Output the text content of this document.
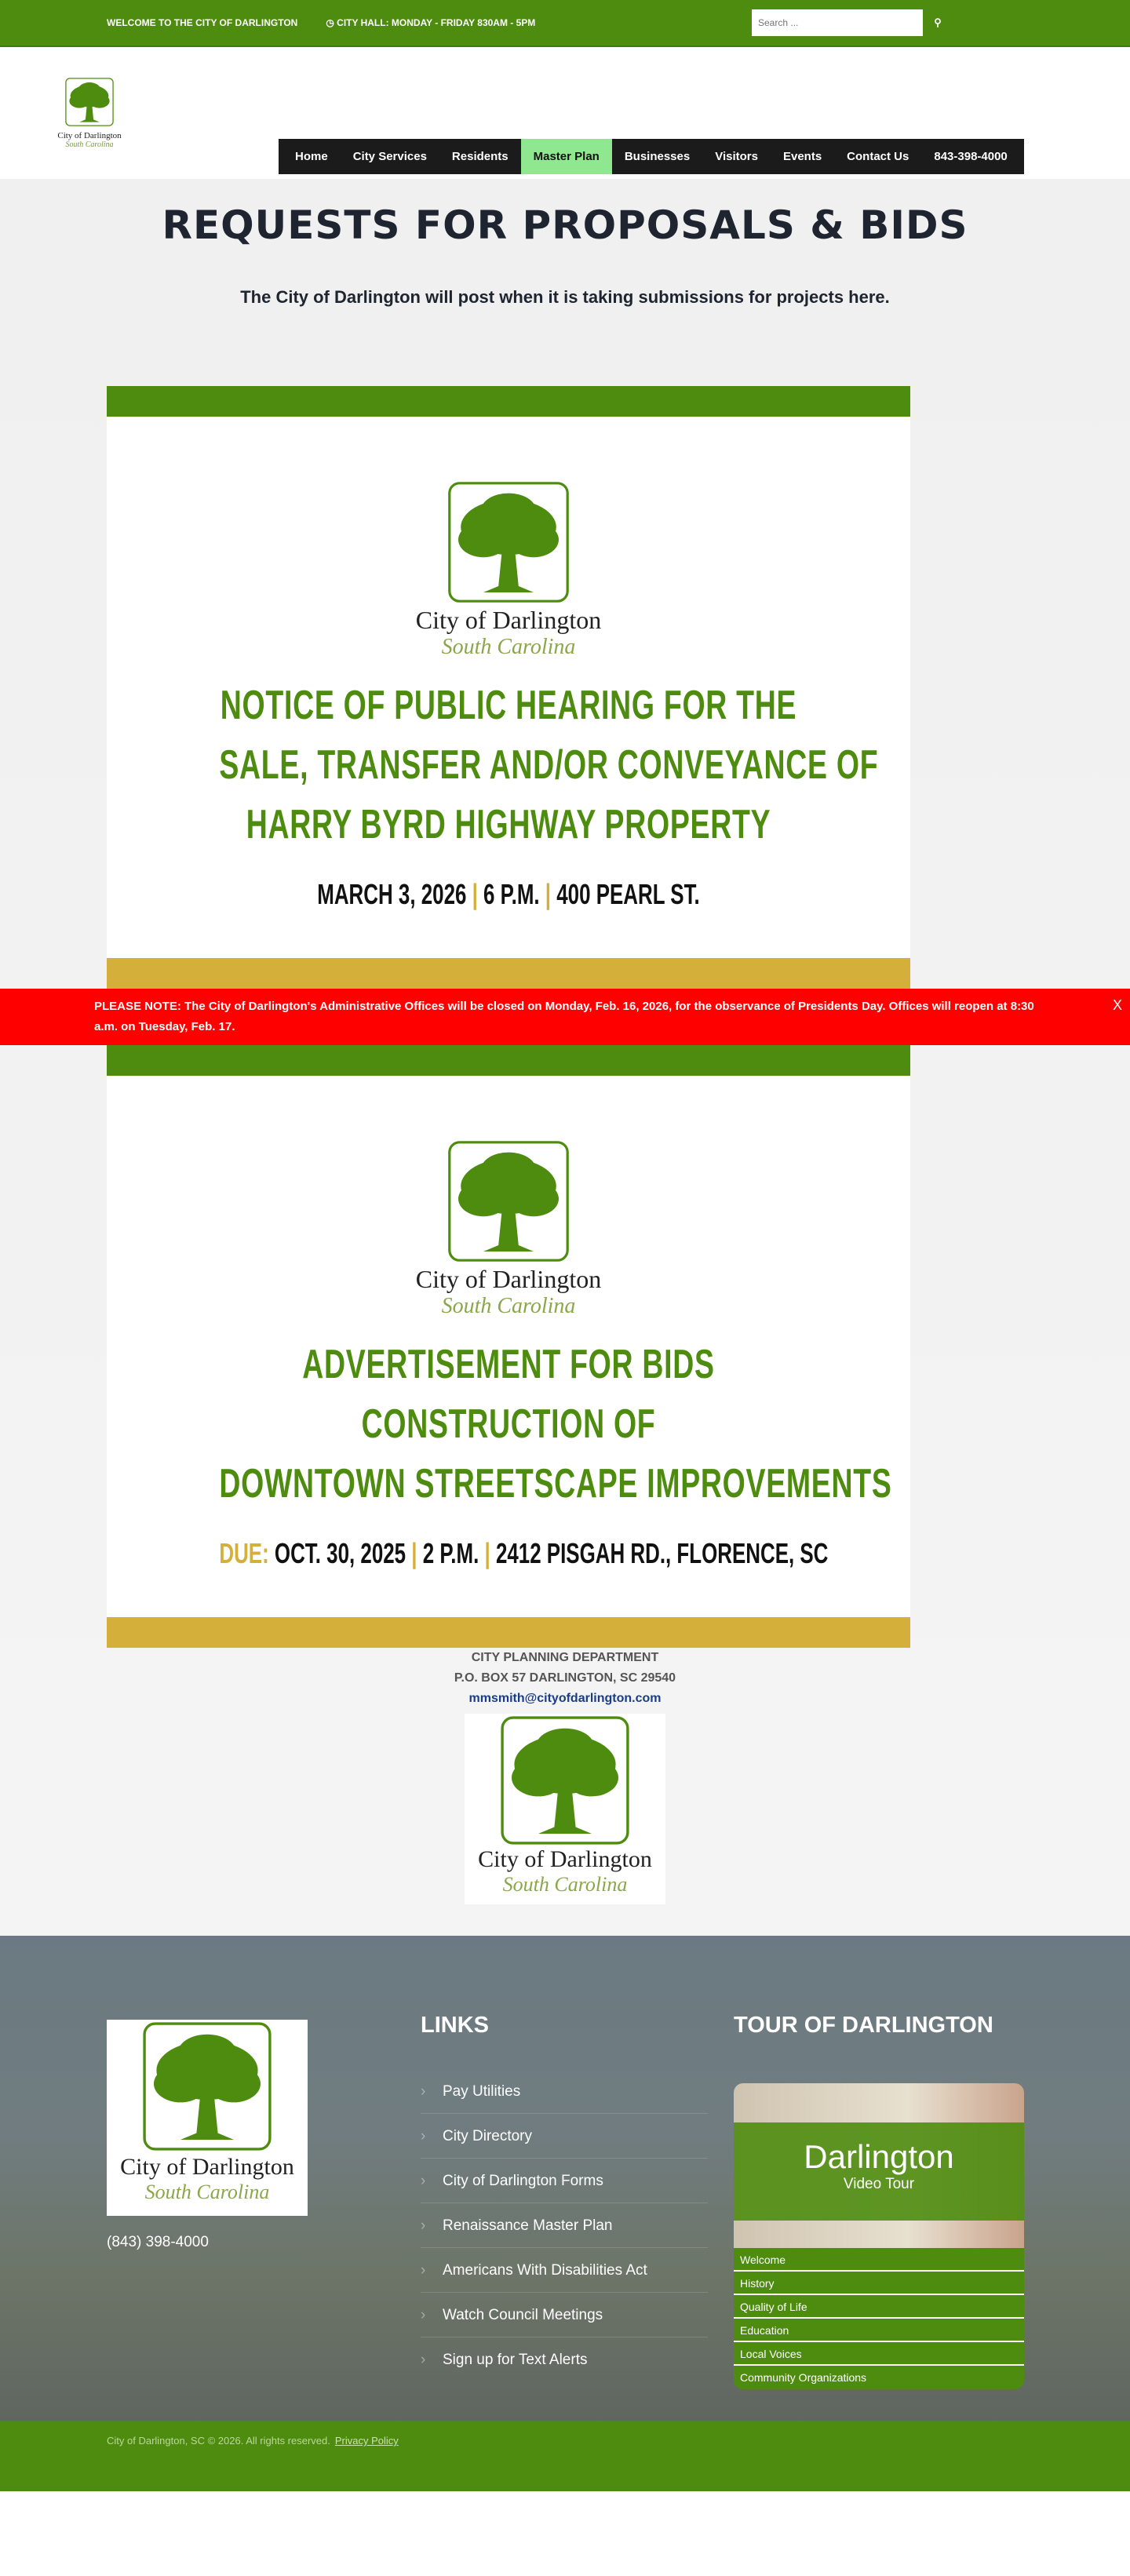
WELCOME TO THE CITY OF DARLINGTON	◷ CITY HALL: MONDAY - FRIDAY 830AM - 5PM
Search ...	⚲
City of Darlington
South Carolina
Home	City Services	Residents	Master Plan	Businesses	Visitors	Events	Contact Us	843-398-4000
REQUESTS FOR PROPOSALS & BIDS

The City of Darlington will post when it is taking submissions for projects here.

City of Darlington
South Carolina
NOTICE OF PUBLIC HEARING FOR THE
SALE, TRANSFER AND/OR CONVEYANCE OF
HARRY BYRD HIGHWAY PROPERTY
MARCH 3, 2026 | 6 P.M. | 400 PEARL ST.
PLEASE NOTE: The City of Darlington's Administrative Offices will be closed on Monday, Feb. 16, 2026, for the observance of Presidents Day. Offices will reopen at 8:30 a.m. on Tuesday, Feb. 17.
X
City of Darlington
South Carolina
ADVERTISEMENT FOR BIDS
CONSTRUCTION OF
DOWNTOWN STREETSCAPE IMPROVEMENTS
DUE: OCT. 30, 2025 | 2 P.M. | 2412 PISGAH RD., FLORENCE, SC
CITY PLANNING DEPARTMENT
P.O. BOX 57 DARLINGTON, SC 29540
mmsmith@cityofdarlington.com
City of Darlington
South Carolina
City of Darlington
South Carolina
(843) 398-4000
LINKS
› Pay Utilities
› City Directory
› City of Darlington Forms
› Renaissance Master Plan
› Americans With Disabilities Act
› Watch Council Meetings
› Sign up for Text Alerts
TOUR OF DARLINGTON
Darlington
Video Tour
Welcome
History
Quality of Life
Education
Local Voices
Community Organizations
City of Darlington, SC © 2026. All rights reserved. Privacy Policy
